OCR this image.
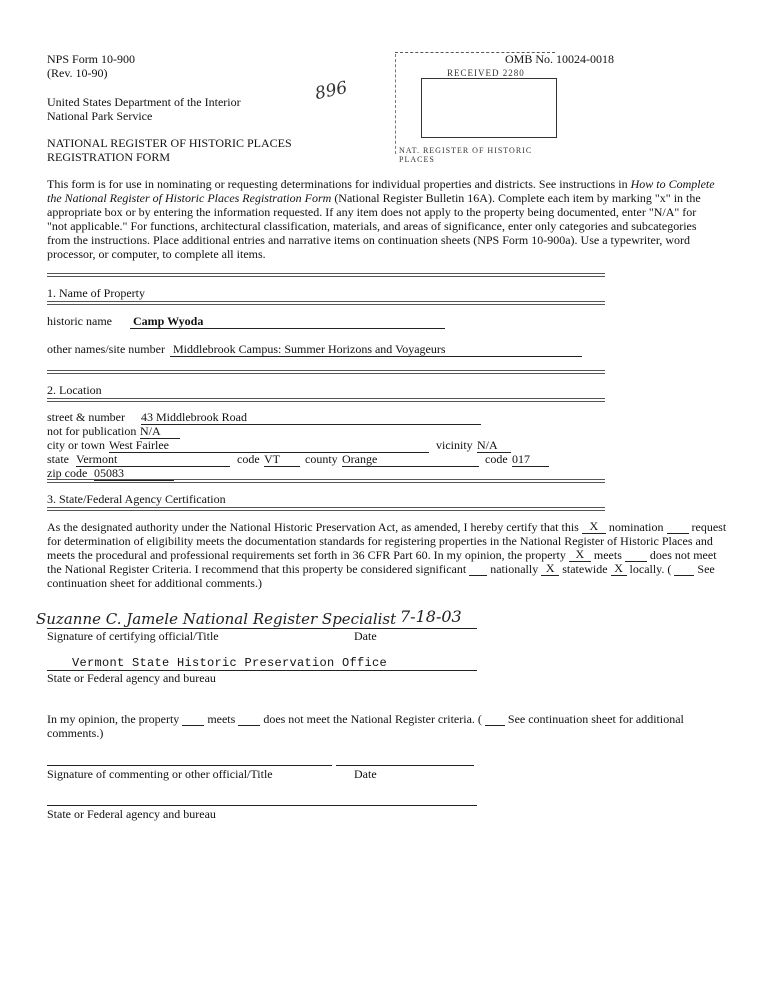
NPS Form 10-900
(Rev. 10-90)
OMB No. 10024-0018
United States Department of the Interior
National Park Service
NATIONAL REGISTER OF HISTORIC PLACES
REGISTRATION FORM
896
RECEIVED 2280
NAT. REGISTER OF HISTORIC PLACES
This form is for use in nominating or requesting determinations for individual properties and districts. See instructions in How to Complete the National Register of Historic Places Registration Form (National Register Bulletin 16A). Complete each item by marking "x" in the appropriate box or by entering the information requested. If any item does not apply to the property being documented, enter "N/A" for "not applicable." For functions, architectural classification, materials, and areas of significance, enter only categories and subcategories from the instructions. Place additional entries and narrative items on continuation sheets (NPS Form 10-900a). Use a typewriter, word processor, or computer, to complete all items.
1. Name of Property
historic name Camp Wyoda
other names/site number Middlebrook Campus: Summer Horizons and Voyageurs
2. Location
street & number 43 Middlebrook Road
not for publication N/A
city or town West Fairlee	vicinity N/A
state Vermont	code VT	county Orange	code 017
zip code 05083
3. State/Federal Agency Certification
As the designated authority under the National Historic Preservation Act, as amended, I hereby certify that this X nomination request
for determination of eligibility meets the documentation standards for registering properties in the National Register of Historic Places and
meets the procedural and professional requirements set forth in 36 CFR Part 60. In my opinion, the property X meets does not meet
the National Register Criteria. I recommend that this property be considered significant nationally X statewide X locally. ( See
continuation sheet for additional comments.)
Suzanne C. Jamele National Register Specialist 7-18-03
Signature of certifying official/Title	Date
Vermont State Historic Preservation Office
State or Federal agency and bureau
In my opinion, the property meets does not meet the National Register criteria. ( See continuation sheet for additional
comments.)
Signature of commenting or other official/Title	Date
State or Federal agency and bureau
